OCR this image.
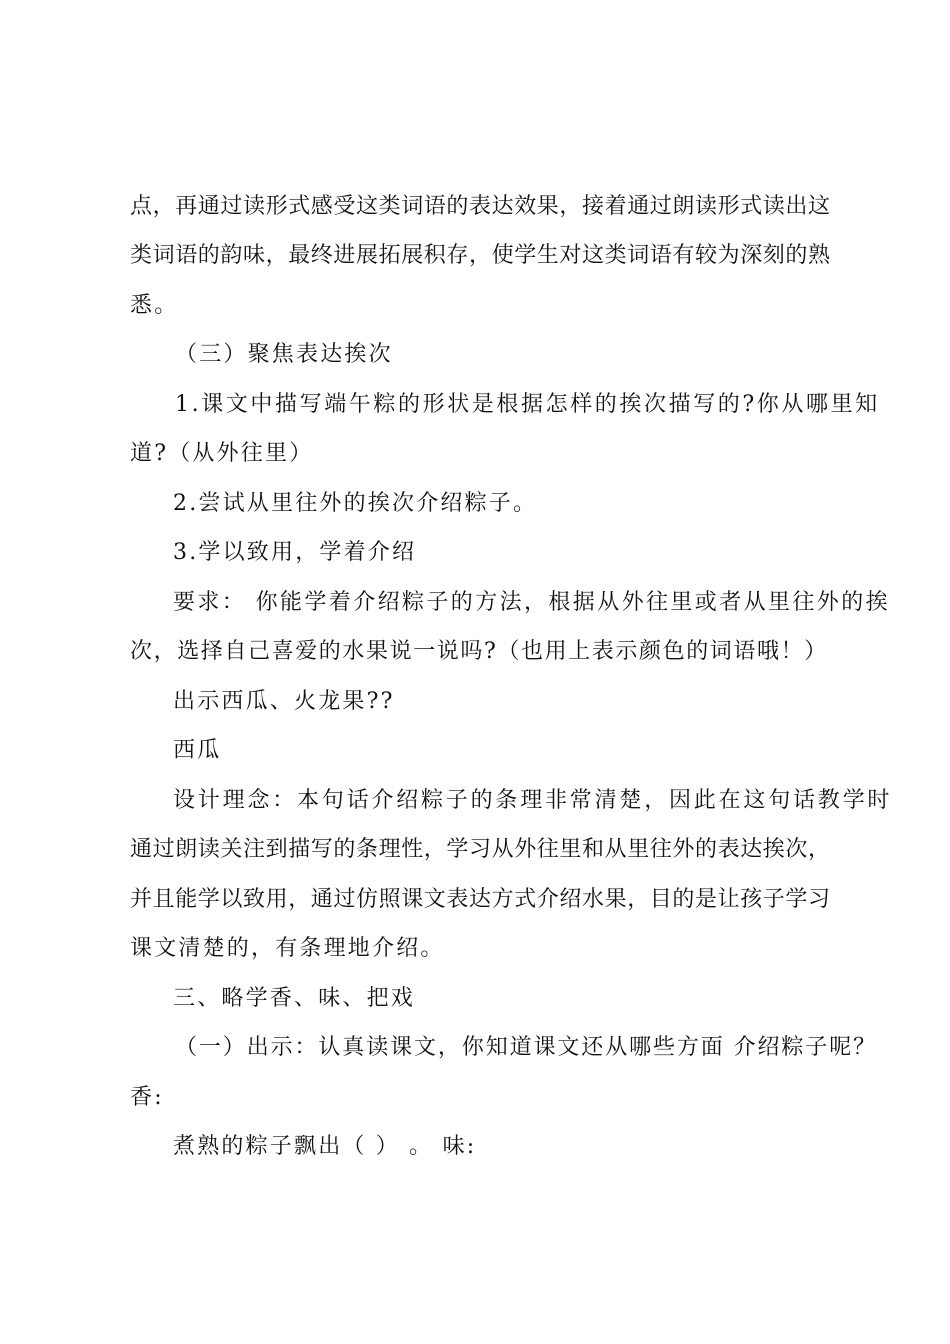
点，再通过读形式感受这类词语的表达效果，接着通过朗读形式读出这
类词语的韵味，最终进展拓展积存，使学生对这类词语有较为深刻的熟
悉。
（三）聚焦表达挨次
1.课文中描写端午粽的形状是根据怎样的挨次描写的?你从哪里知
道?（从外往里）
2.尝试从里往外的挨次介绍粽子。
3.学以致用，学着介绍
要求： 你能学着介绍粽子的方法，根据从外往里或者从里往外的挨
次，选择自己喜爱的水果说一说吗?（也用上表示颜色的词语哦！）
出示西瓜、火龙果??
西瓜
设计理念：本句话介绍粽子的条理非常清楚，因此在这句话教学时
通过朗读关注到描写的条理性，学习从外往里和从里往外的表达挨次，
并且能学以致用，通过仿照课文表达方式介绍水果，目的是让孩子学习
课文清楚的，有条理地介绍。
三、略学香、味、把戏
（一）出示：认真读课文，你知道课文还从哪些方面 介绍粽子呢？
香:
煮熟的粽子飘出（ ） 。 味:
